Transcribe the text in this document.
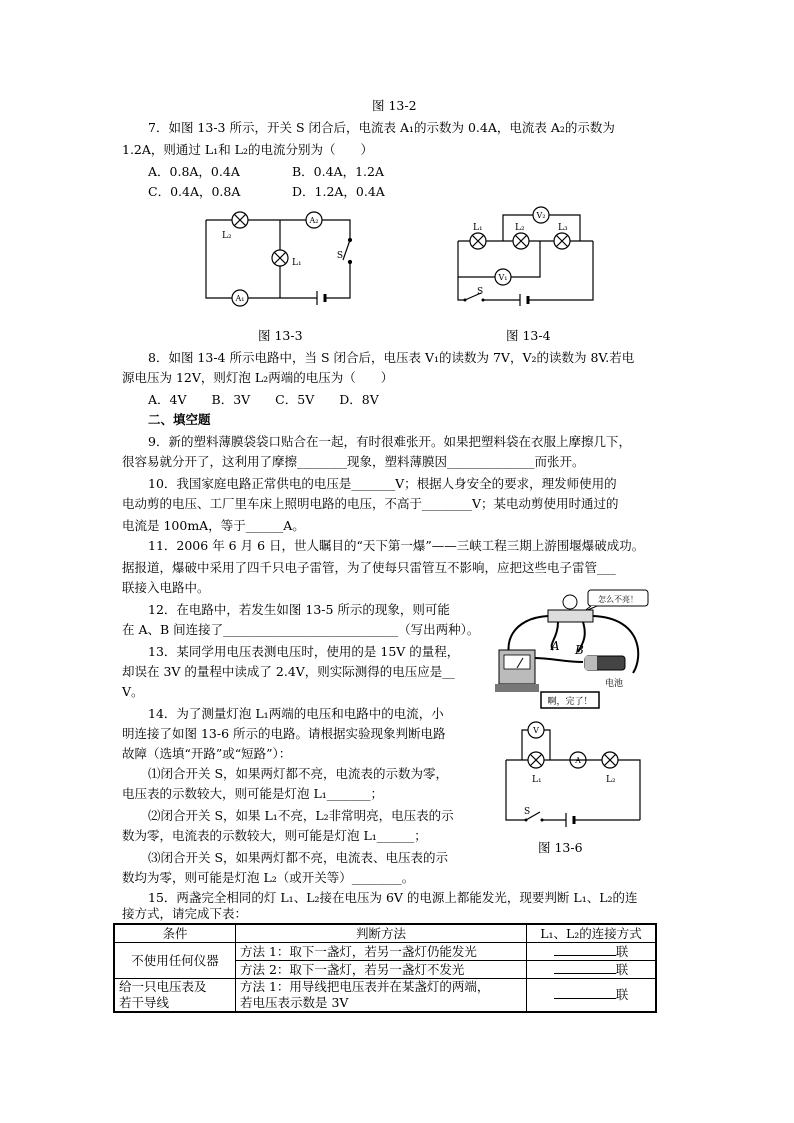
图 13-2
7．如图 13-3 所示，开关 S 闭合后，电流表 A₁的示数为 0.4A，电流表 A₂的示数为
1.2A，则通过 L₁和 L₂的电流分别为（　　）
A．0.8A，0.4A	B．0.4A，1.2A
C．0.4A，0.8A	D．1.2A，0.4A
L₂
L₁
A₂
A₁
S
L₁	L₂	L₃
V₂
V₁
S
图 13-3	图 13-4
8．如图 13-4 所示电路中，当 S 闭合后，电压表 V₁的读数为 7V，V₂的读数为 8V.若电
源电压为 12V，则灯泡 L₂两端的电压为（　　）
A．4V　　B．3V　　C．5V　　D．8V
二、填空题
9．新的塑料薄膜袋袋口贴合在一起，有时很难张开。如果把塑料袋在衣服上摩擦几下，
很容易就分开了，这利用了摩擦________现象，塑料薄膜因______________而张开。
10．我国家庭电路正常供电的电压是_______V；根据人身安全的要求，理发师使用的
电动剪的电压、工厂里车床上照明电路的电压，不高于________V；某电动剪使用时通过的
电流是 100mA，等于______A。
11．2006 年 6 月 6 日，世人瞩目的“天下第一爆”——三峡工程三期上游围堰爆破成功。
据报道，爆破中采用了四千只电子雷管，为了使每只雷管互不影响，应把这些电子雷管___
联接入电路中。
12．在电路中，若发生如图 13-5 所示的现象，则可能
在 A、B 间连接了____________________________（写出两种）。
13．某同学用电压表测电压时，使用的是 15V 的量程，
却误在 3V 的量程中读成了 2.4V，则实际测得的电压应是__
V。
怎么不亮！
A B
电池
啊，完了！
14．为了测量灯泡 L₁两端的电压和电路中的电流，小
明连接了如图 13-6 所示的电路。请根据实验现象判断电路
故障（选填“开路”或“短路”）：
⑴闭合开关 S，如果两灯都不亮，电流表的示数为零，
电压表的示数较大，则可能是灯泡 L₁_______；
⑵闭合开关 S，如果 L₁不亮，L₂非常明亮，电压表的示
数为零，电流表的示数较大，则可能是灯泡 L₁______；
⑶闭合开关 S，如果两灯都不亮，电流表、电压表的示
数均为零，则可能是灯泡 L₂（或开关等）________。
V
A
L₁	L₂
S
图 13-6
15．两盏完全相同的灯 L₁、L₂接在电压为 6V 的电源上都能发光，现要判断 L₁、L₂的连
接方式，请完成下表：
条件	判断方法	L₁、L₂的连接方式
不使用任何仪器	方法 1：取下一盏灯，若另一盏灯仍能发光	联
	方法 2：取下一盏灯，若另一盏灯不发光	联
给一只电压表及
若干导线	方法 1：用导线把电压表并在某盏灯的两端，
若电压表示数是 3V	联
